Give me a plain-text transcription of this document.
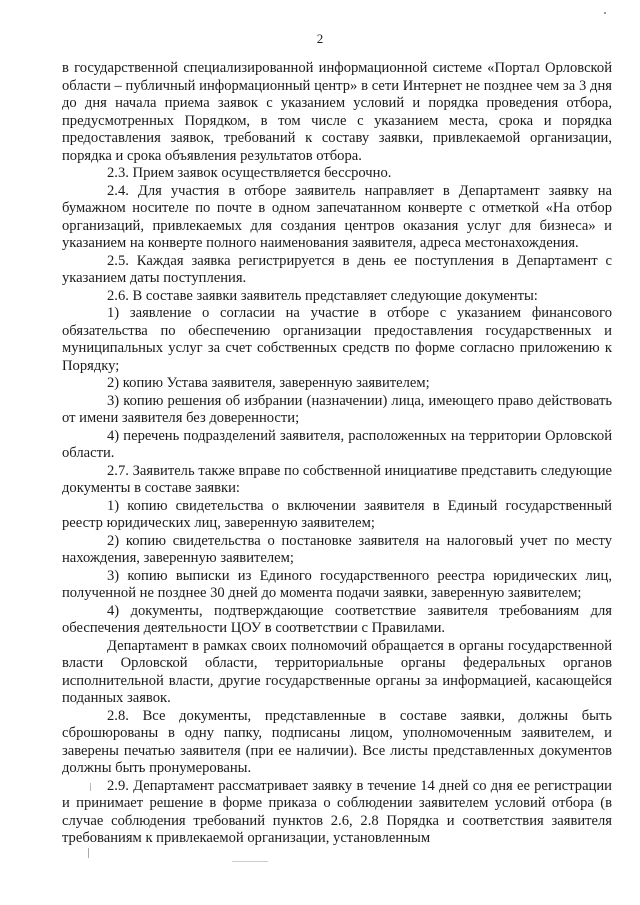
2

в государственной специализированной информационной системе «Портал Орловской области – публичный информационный центр» в сети Интернет не позднее чем за 3 дня до дня начала приема заявок с указанием условий и порядка проведения отбора, предусмотренных Порядком, в том числе с указанием места, срока и порядка предоставления заявок, требований к составу заявки, привлекаемой организации, порядка и срока объявления результатов отбора.

2.3. Прием заявок осуществляется бессрочно.

2.4. Для участия в отборе заявитель направляет в Департамент заявку на бумажном носителе по почте в одном запечатанном конверте с отметкой «На отбор организаций, привлекаемых для создания центров оказания услуг для бизнеса» и указанием на конверте полного наименования заявителя, адреса местонахождения.

2.5. Каждая заявка регистрируется в день ее поступления в Департамент с указанием даты поступления.

2.6. В составе заявки заявитель представляет следующие документы:

1) заявление о согласии на участие в отборе с указанием финансового обязательства по обеспечению организации предоставления государственных и муниципальных услуг за счет собственных средств по форме согласно приложению к Порядку;

2) копию Устава заявителя, заверенную заявителем;

3) копию решения об избрании (назначении) лица, имеющего право действовать от имени заявителя без доверенности;

4) перечень подразделений заявителя, расположенных на территории Орловской области.

2.7. Заявитель также вправе по собственной инициативе представить следующие документы в составе заявки:

1) копию свидетельства о включении заявителя в Единый государственный реестр юридических лиц, заверенную заявителем;

2) копию свидетельства о постановке заявителя на налоговый учет по месту нахождения, заверенную заявителем;

3) копию выписки из Единого государственного реестра юридических лиц, полученной не позднее 30 дней до момента подачи заявки, заверенную заявителем;

4) документы, подтверждающие соответствие заявителя требованиям для обеспечения деятельности ЦОУ в соответствии с Правилами.

Департамент в рамках своих полномочий обращается в органы государственной власти Орловской области, территориальные органы федеральных органов исполнительной власти, другие государственные органы за информацией, касающейся поданных заявок.

2.8. Все документы, представленные в составе заявки, должны быть сброшюрованы в одну папку, подписаны лицом, уполномоченным заявителем, и заверены печатью заявителя (при ее наличии). Все листы представленных документов должны быть пронумерованы.

2.9. Департамент рассматривает заявку в течение 14 дней со дня ее регистрации и принимает решение в форме приказа о соблюдении заявителем условий отбора (в случае соблюдения требований пунктов 2.6, 2.8 Порядка и соответствия заявителя требованиям к привлекаемой организации, установленным
